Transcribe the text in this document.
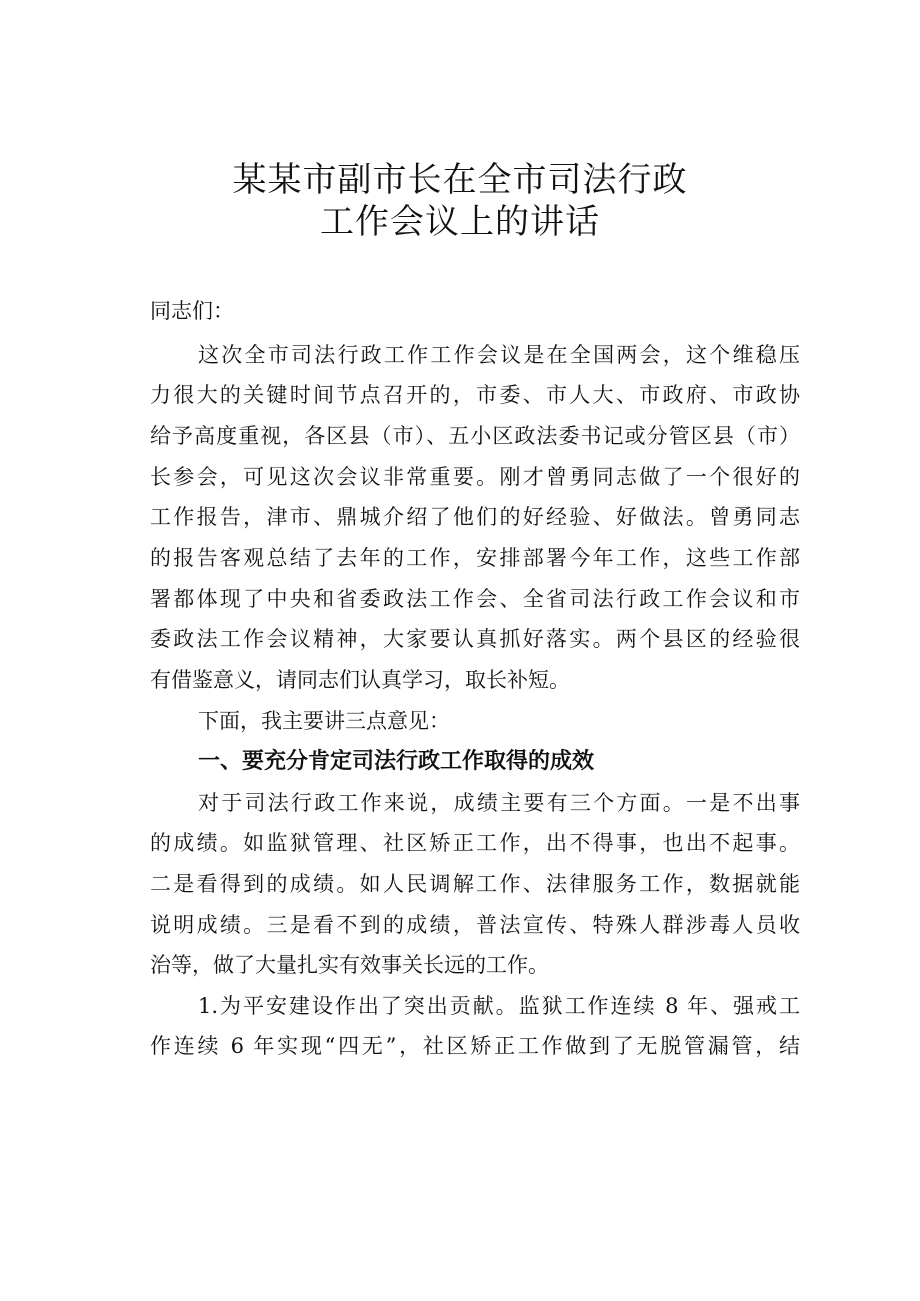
某某市副市长在全市司法行政
工作会议上的讲话

同志们：

这次全市司法行政工作工作会议是在全国两会，这个维稳压

力很大的关键时间节点召开的，市委、市人大、市政府、市政协

给予高度重视，各区县（市）、五小区政法委书记或分管区县（市）

长参会，可见这次会议非常重要。刚才曾勇同志做了一个很好的

工作报告，津市、鼎城介绍了他们的好经验、好做法。曾勇同志

的报告客观总结了去年的工作，安排部署今年工作，这些工作部

署都体现了中央和省委政法工作会、全省司法行政工作会议和市

委政法工作会议精神，大家要认真抓好落实。两个县区的经验很

有借鉴意义，请同志们认真学习，取长补短。

下面，我主要讲三点意见：

一、要充分肯定司法行政工作取得的成效

对于司法行政工作来说，成绩主要有三个方面。一是不出事

的成绩。如监狱管理、社区矫正工作，出不得事，也出不起事。

二是看得到的成绩。如人民调解工作、法律服务工作，数据就能

说明成绩。三是看不到的成绩，普法宣传、特殊人群涉毒人员收

治等，做了大量扎实有效事关长远的工作。

1.为平安建设作出了突出贡献。监狱工作连续 8 年、强戒工

作连续 6 年实现“四无”，社区矫正工作做到了无脱管漏管，结
